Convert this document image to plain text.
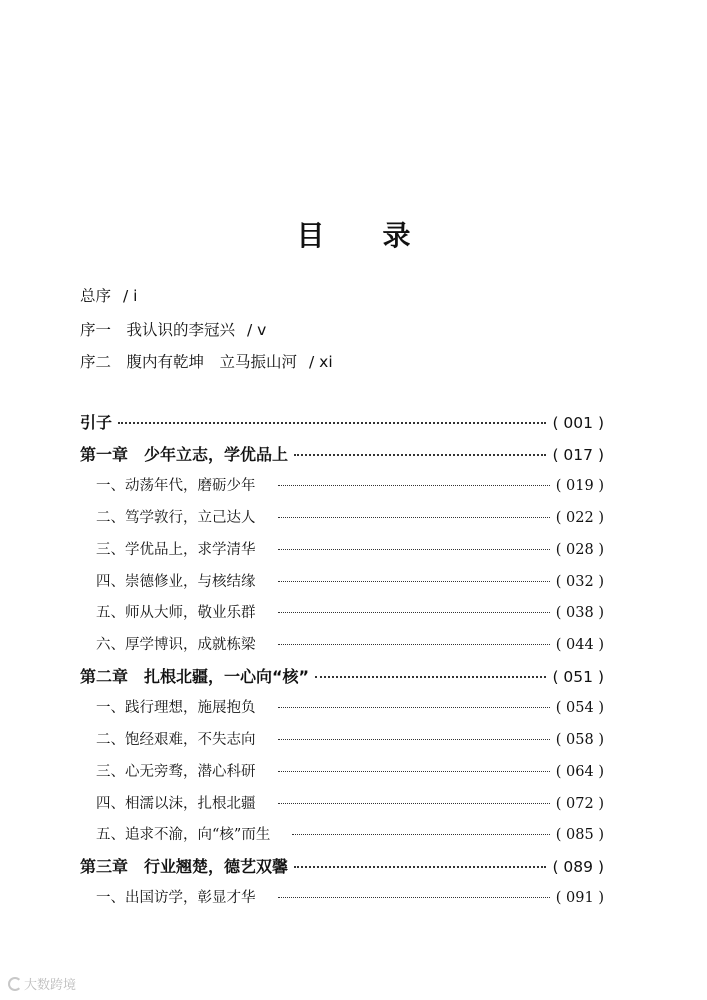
目 录
总序 / i
序一　我认识的李冠兴 / v
序二　腹内有乾坤　立马振山河 / xi
引子	( 001 )
第一章　少年立志，学优品上	( 017 )
一、动荡年代，磨砺少年	( 019 )
二、笃学敦行，立己达人	( 022 )
三、学优品上，求学清华	( 028 )
四、崇德修业，与核结缘	( 032 )
五、师从大师，敬业乐群	( 038 )
六、厚学博识，成就栋梁	( 044 )
第二章　扎根北疆，一心向“核”	( 051 )
一、践行理想，施展抱负	( 054 )
二、饱经艰难，不失志向	( 058 )
三、心无旁骛，潜心科研	( 064 )
四、相濡以沫，扎根北疆	( 072 )
五、追求不渝，向“核”而生	( 085 )
第三章　行业翘楚，德艺双馨	( 089 )
一、出国访学，彰显才华	( 091 )
大数跨境
